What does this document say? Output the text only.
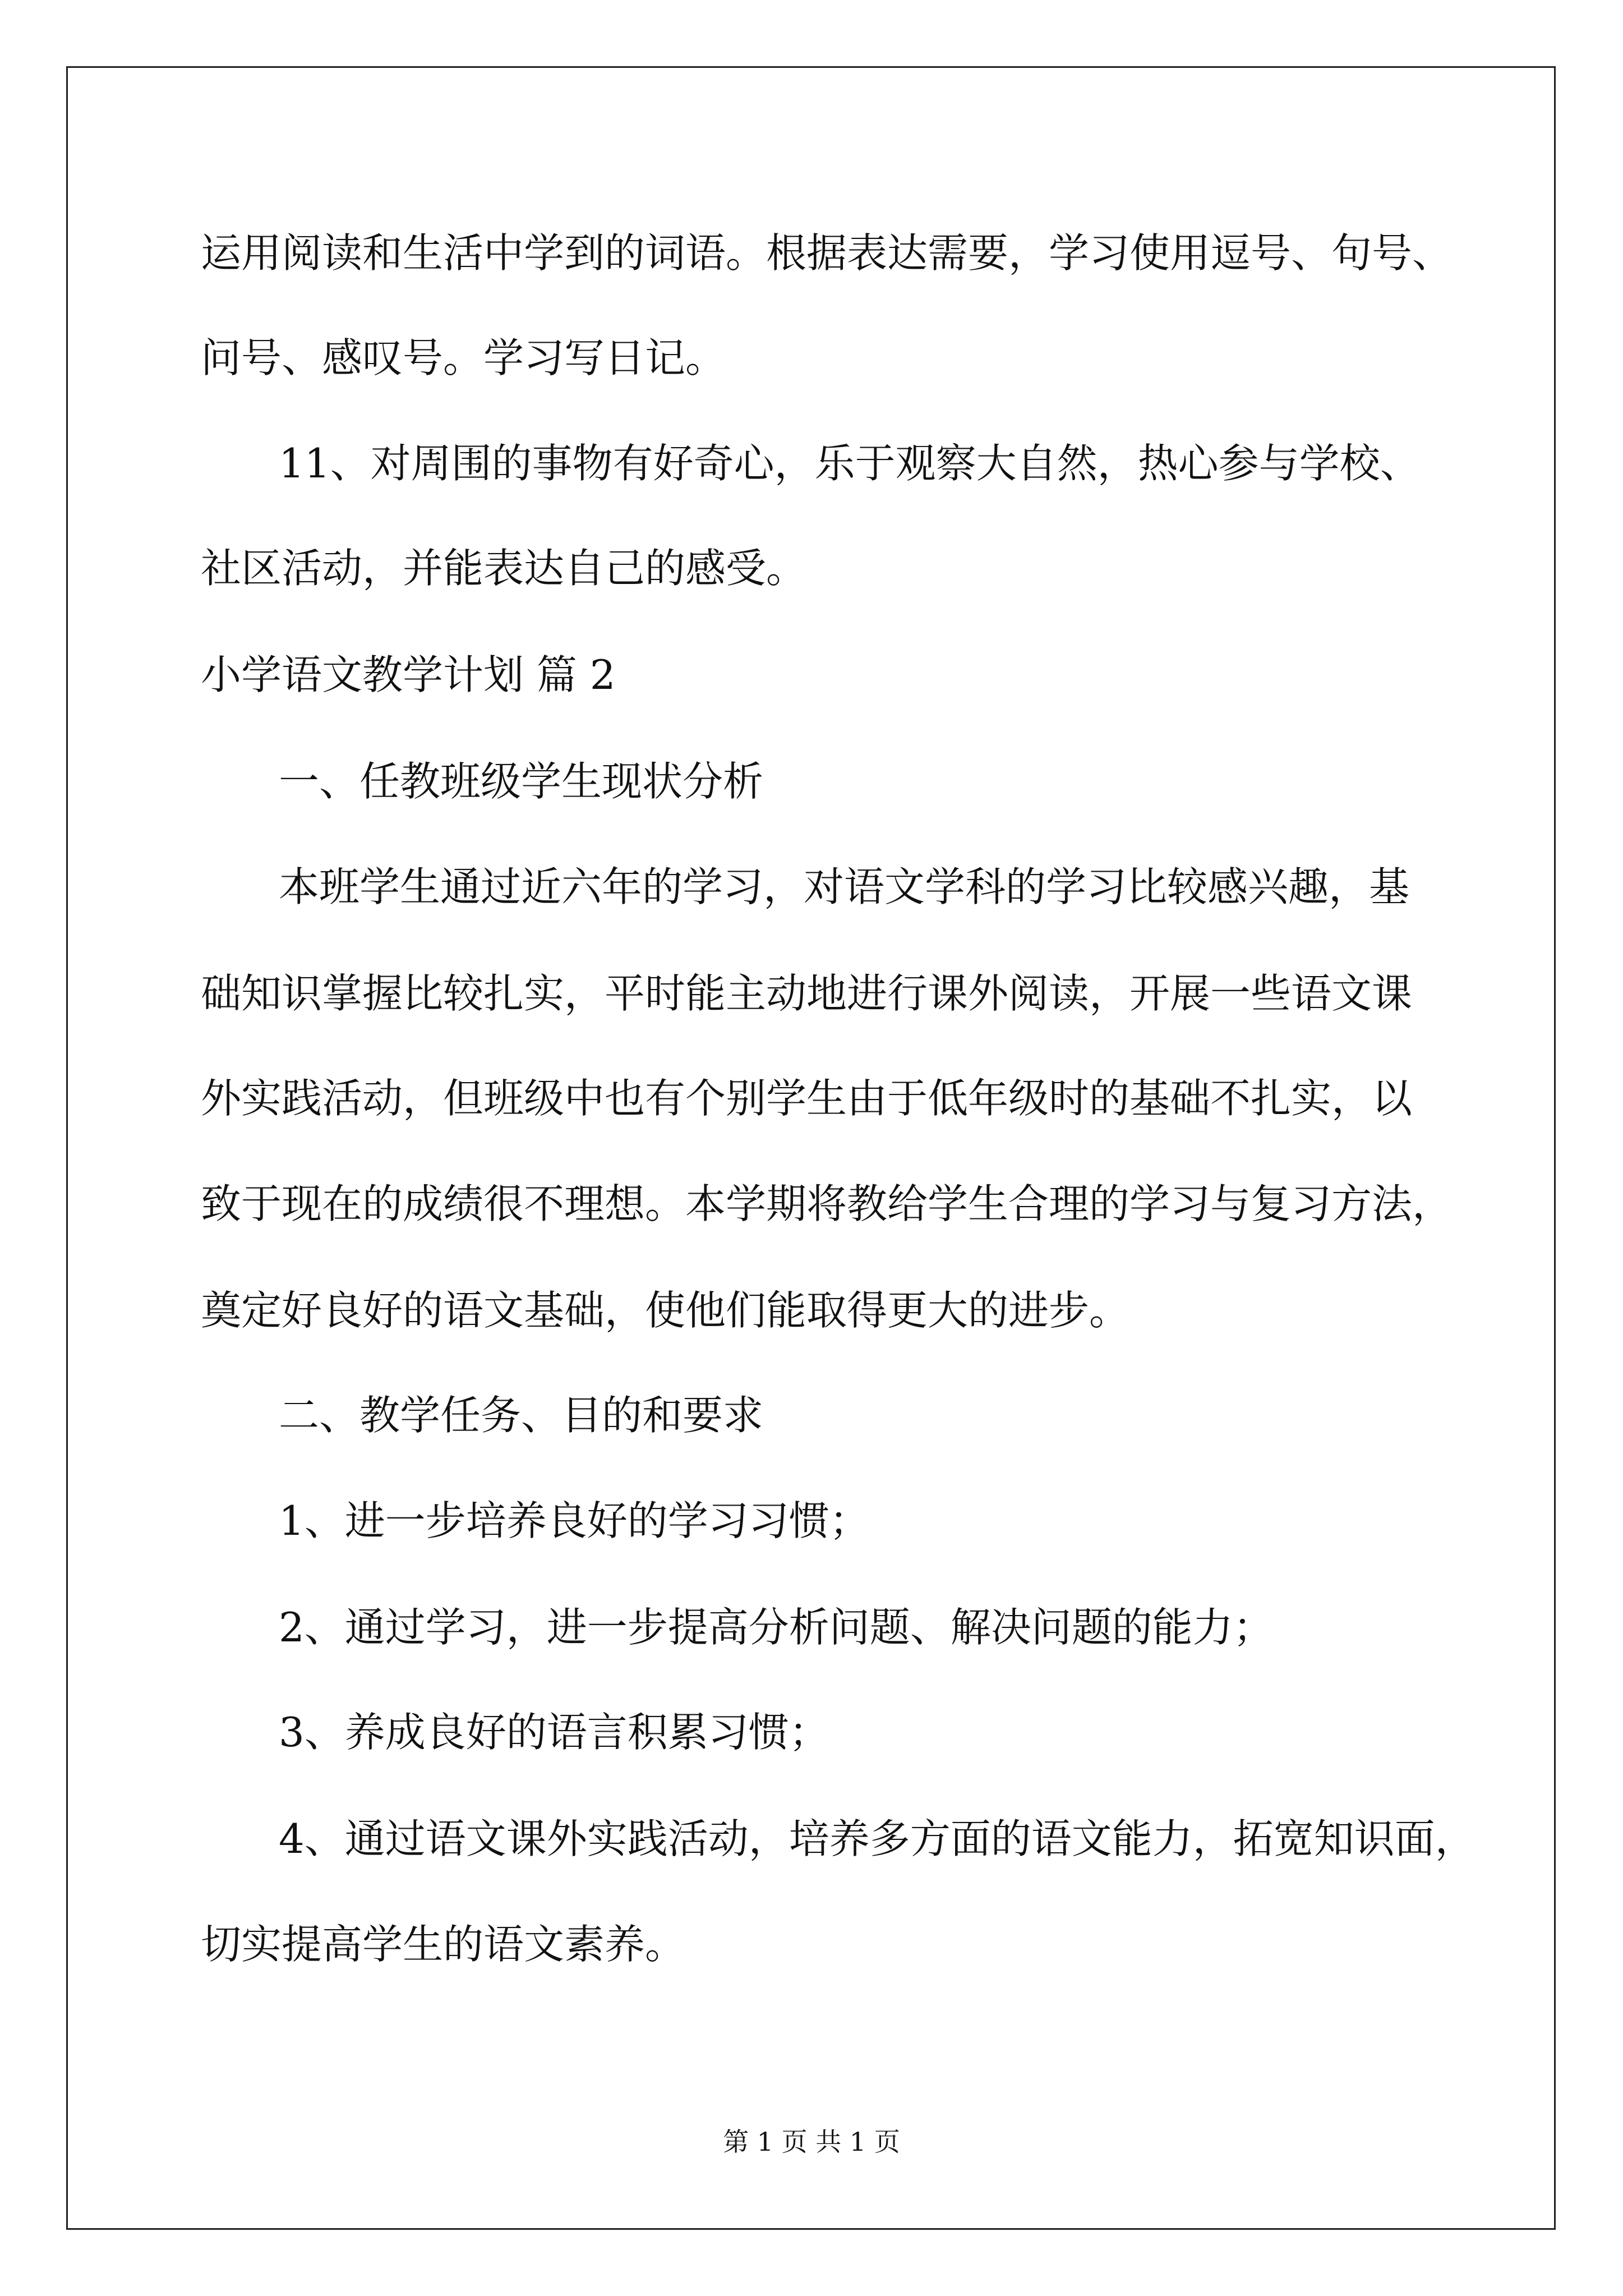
运用阅读和生活中学到的词语。根据表达需要，学习使用逗号、句号、
问号、感叹号。学习写日记。
11、对周围的事物有好奇心，乐于观察大自然，热心参与学校、
社区活动，并能表达自己的感受。
小学语文教学计划 篇 2
一、任教班级学生现状分析
本班学生通过近六年的学习，对语文学科的学习比较感兴趣，基
础知识掌握比较扎实，平时能主动地进行课外阅读，开展一些语文课
外实践活动，但班级中也有个别学生由于低年级时的基础不扎实，以
致于现在的成绩很不理想。本学期将教给学生合理的学习与复习方法，
奠定好良好的语文基础，使他们能取得更大的进步。
二、教学任务、目的和要求
1、进一步培养良好的学习习惯；
2、通过学习，进一步提高分析问题、解决问题的能力；
3、养成良好的语言积累习惯；
4、通过语文课外实践活动，培养多方面的语文能力，拓宽知识面，
切实提高学生的语文素养。
第 1 页 共 1 页
